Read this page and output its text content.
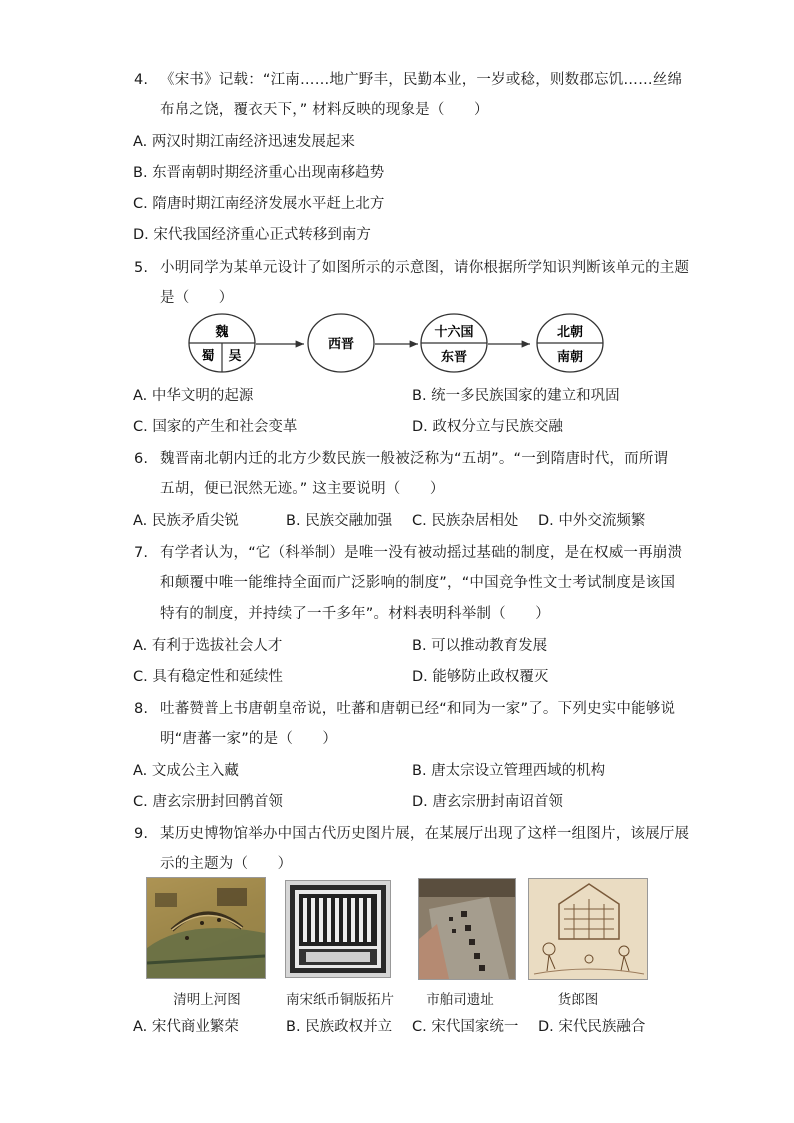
4. 《宋书》记载：“江南……地广野丰，民勤本业，一岁或稔，则数郡忘饥……丝绵
布帛之饶，覆衣天下，” 材料反映的现象是（　　）
A. 两汉时期江南经济迅速发展起来
B. 东晋南朝时期经济重心出现南移趋势
C. 隋唐时期江南经济发展水平赶上北方
D. 宋代我国经济重心正式转移到南方
5. 小明同学为某单元设计了如图所示的示意图，请你根据所学知识判断该单元的主题
是（　　）
魏
蜀 吴
西晋
十六国
东晋
北朝
南朝
A. 中华文明的起源	B. 统一多民族国家的建立和巩固
C. 国家的产生和社会变革	D. 政权分立与民族交融
6. 魏晋南北朝内迁的北方少数民族一般被泛称为“五胡”。“一到隋唐时代，而所谓
五胡，便已泯然无迹。” 这主要说明（　　）
A. 民族矛盾尖锐	B. 民族交融加强 C. 民族杂居相处 D. 中外交流频繁
7. 有学者认为，“它（科举制）是唯一没有被动摇过基础的制度，是在权威一再崩溃
和颠覆中唯一能维持全面而广泛影响的制度”，“中国竞争性文士考试制度是该国
特有的制度，并持续了一千多年”。材料表明科举制（　　）
A. 有利于选拔社会人才	B. 可以推动教育发展
C. 具有稳定性和延续性	D. 能够防止政权覆灭
8. 吐蕃赞普上书唐朝皇帝说，吐蕃和唐朝已经“和同为一家”了。下列史实中能够说
明“唐蕃一家”的是（　　）
A. 文成公主入藏	B. 唐太宗设立管理西域的机构
C. 唐玄宗册封回鹘首领	D. 唐玄宗册封南诏首领
9. 某历史博物馆举办中国古代历史图片展，在某展厅出现了这样一组图片，该展厅展
示的主题为（　　）
清明上河图	南宋纸币铜版拓片	市舶司遗址	货郎图
A. 宋代商业繁荣	B. 民族政权并立 C. 宋代国家统一 D. 宋代民族融合
